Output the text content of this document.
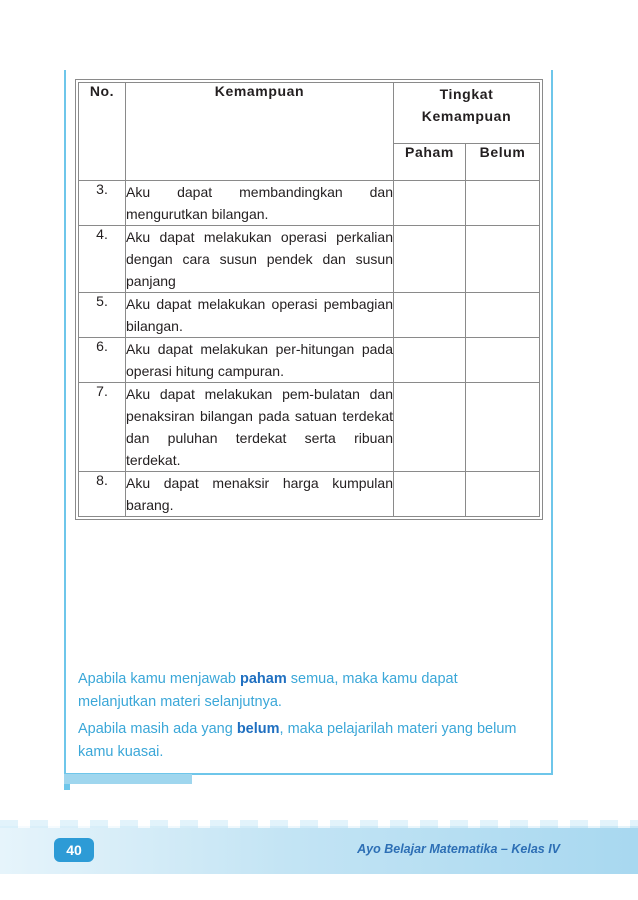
No.	Kemampuan	Tingkat Kemampuan	
		Paham	Belum
3.	Aku dapat membandingkan dan mengurutkan bilangan.		
4.	Aku dapat melakukan operasi perkalian dengan cara susun pendek dan susun panjang		
5.	Aku dapat melakukan operasi pembagian bilangan.		
6.	Aku dapat melakukan per-hitungan pada operasi hitung campuran.		
7.	Aku dapat melakukan pem-bulatan dan penaksiran bilangan pada satuan terdekat dan puluhan terdekat serta ribuan terdekat.		
8.	Aku dapat menaksir harga kumpulan barang.		

Apabila kamu menjawab paham semua, maka kamu dapat melanjutkan materi selanjutnya.

Apabila masih ada yang belum, maka pelajarilah materi yang belum kamu kuasai.

40	Ayo Belajar Matematika – Kelas IV
